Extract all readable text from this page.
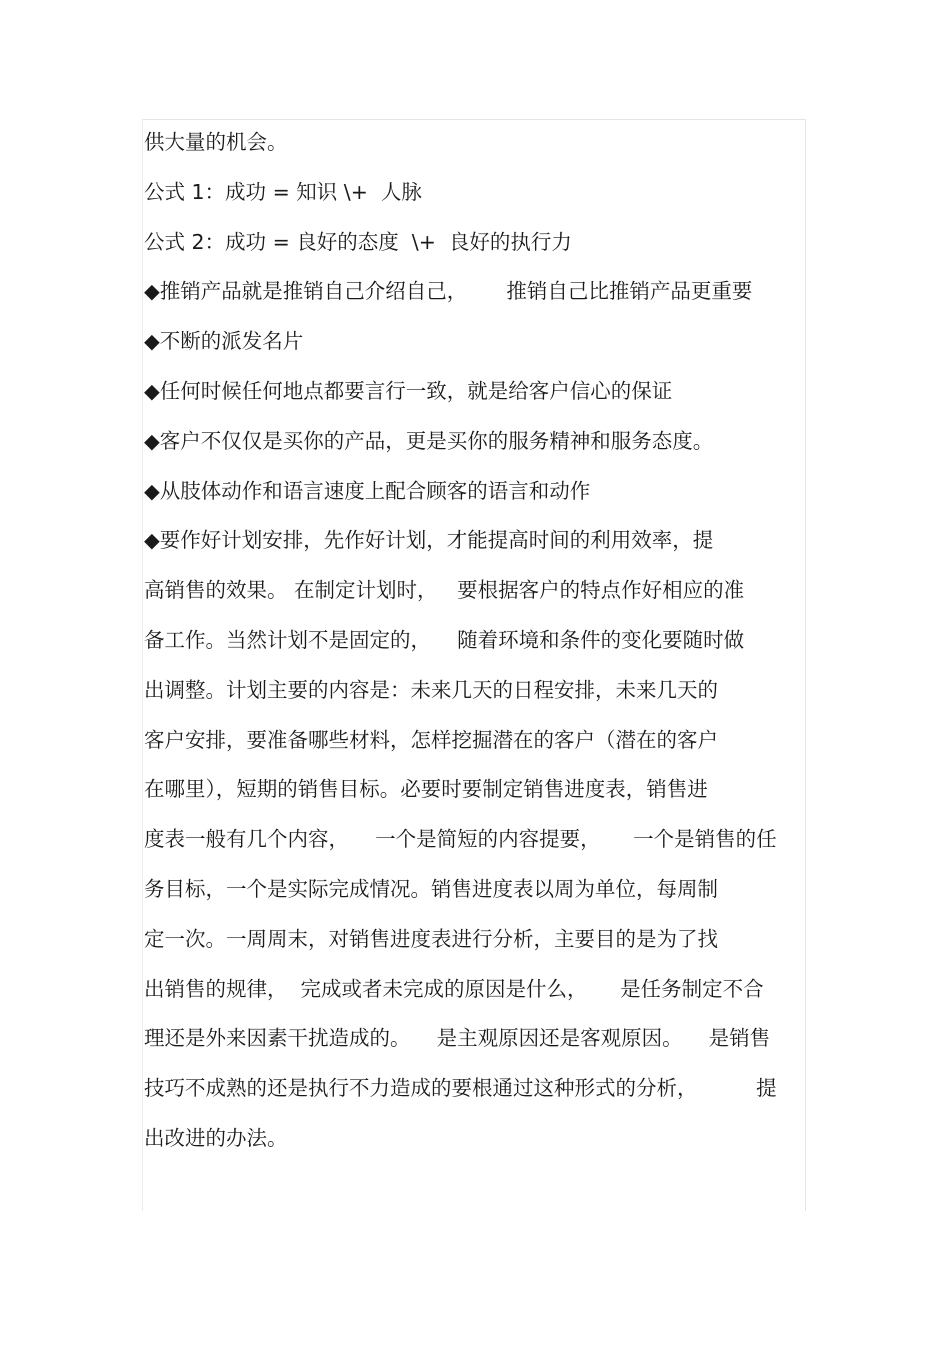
供大量的机会。
公式 1：成功 = 知识 \+  人脉
公式 2：成功 = 良好的态度  \+  良好的执行力
◆推销产品就是推销自己介绍自己，      推销自己比推销产品更重要
◆不断的派发名片
◆任何时候任何地点都要言行一致，就是给客户信心的保证
◆客户不仅仅是买你的产品，更是买你的服务精神和服务态度。
◆从肢体动作和语言速度上配合顾客的语言和动作
◆要作好计划安排，先作好计划，才能提高时间的利用效率，提
高销售的效果。 在制定计划时，   要根据客户的特点作好相应的准
备工作。当然计划不是固定的，    随着环境和条件的变化要随时做
出调整。计划主要的内容是：未来几天的日程安排，未来几天的
客户安排，要准备哪些材料，怎样挖掘潜在的客户（潜在的客户
在哪里），短期的销售目标。必要时要制定销售进度表，销售进
度表一般有几个内容，    一个是简短的内容提要，     一个是销售的任
务目标，一个是实际完成情况。销售进度表以周为单位，每周制
定一次。一周周末，对销售进度表进行分析，主要目的是为了找
出销售的规律，  完成或者未完成的原因是什么，     是任务制定不合
理还是外来因素干扰造成的。    是主观原因还是客观原因。    是销售
技巧不成熟的还是执行不力造成的要根通过这种形式的分析，         提
出改进的办法。
